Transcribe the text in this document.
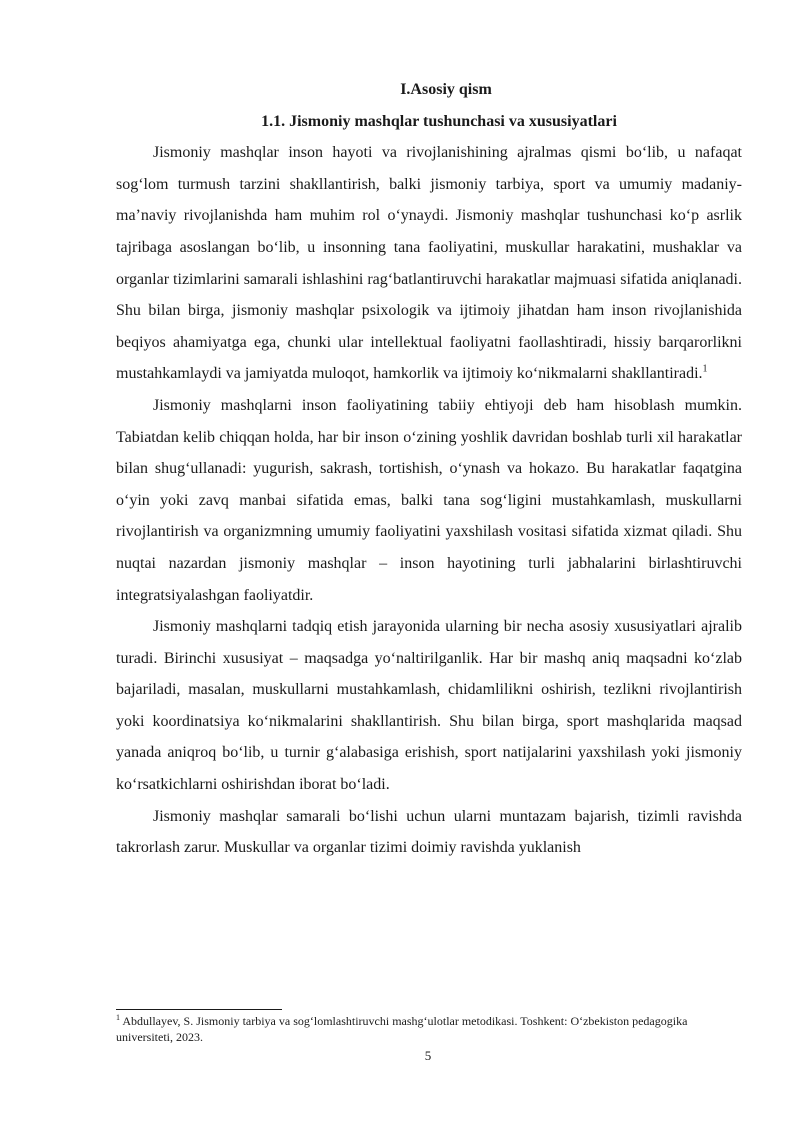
I.Asosiy qism

1.1. Jismoniy mashqlar tushunchasi va xususiyatlari

Jismoniy mashqlar inson hayoti va rivojlanishining ajralmas qismi bo‘lib, u nafaqat sog‘lom turmush tarzini shakllantirish, balki jismoniy tarbiya, sport va umumiy madaniy-ma’naviy rivojlanishda ham muhim rol o‘ynaydi. Jismoniy mashqlar tushunchasi ko‘p asrlik tajribaga asoslangan bo‘lib, u insonning tana faoliyatini, muskullar harakatini, mushaklar va organlar tizimlarini samarali ishlashini rag‘batlantiruvchi harakatlar majmuasi sifatida aniqlanadi. Shu bilan birga, jismoniy mashqlar psixologik va ijtimoiy jihatdan ham inson rivojlanishida beqiyos ahamiyatga ega, chunki ular intellektual faoliyatni faollashtiradi, hissiy barqarorlikni mustahkamlaydi va jamiyatda muloqot, hamkorlik va ijtimoiy ko‘nikmalarni shakllantiradi.$^1$

Jismoniy mashqlarni inson faoliyatining tabiiy ehtiyoji deb ham hisoblash mumkin. Tabiatdan kelib chiqqan holda, har bir inson o‘zining yoshlik davridan boshlab turli xil harakatlar bilan shug‘ullanadi: yugurish, sakrash, tortishish, o‘ynash va hokazo. Bu harakatlar faqatgina o‘yin yoki zavq manbai sifatida emas, balki tana sog‘ligini mustahkamlash, muskullarni rivojlantirish va organizmning umumiy faoliyatini yaxshilash vositasi sifatida xizmat qiladi. Shu nuqtai nazardan jismoniy mashqlar – inson hayotining turli jabhalarini birlashtiruvchi integratsiyalashgan faoliyatdir.

Jismoniy mashqlarni tadqiq etish jarayonida ularning bir necha asosiy xususiyatlari ajralib turadi. Birinchi xususiyat – maqsadga yo‘naltirilganlik. Har bir mashq aniq maqsadni ko‘zlab bajariladi, masalan, muskullarni mustahkamlash, chidamlilikni oshirish, tezlikni rivojlantirish yoki koordinatsiya ko‘nikmalarini shakllantirish. Shu bilan birga, sport mashqlarida maqsad yanada aniqroq bo‘lib, u turnir g‘alabasiga erishish, sport natijalarini yaxshilash yoki jismoniy ko‘rsatkichlarni oshirishdan iborat bo‘ladi.

Jismoniy mashqlar samarali bo‘lishi uchun ularni muntazam bajarish, tizimli ravishda takrorlash zarur. Muskullar va organlar tizimi doimiy ravishda yuklanish

$^1$ Abdullayev, S. Jismoniy tarbiya va sog‘lomlashtiruvchi mashg‘ulotlar metodikasi. Toshkent: O‘zbekiston pedagogika universiteti, 2023.
5
